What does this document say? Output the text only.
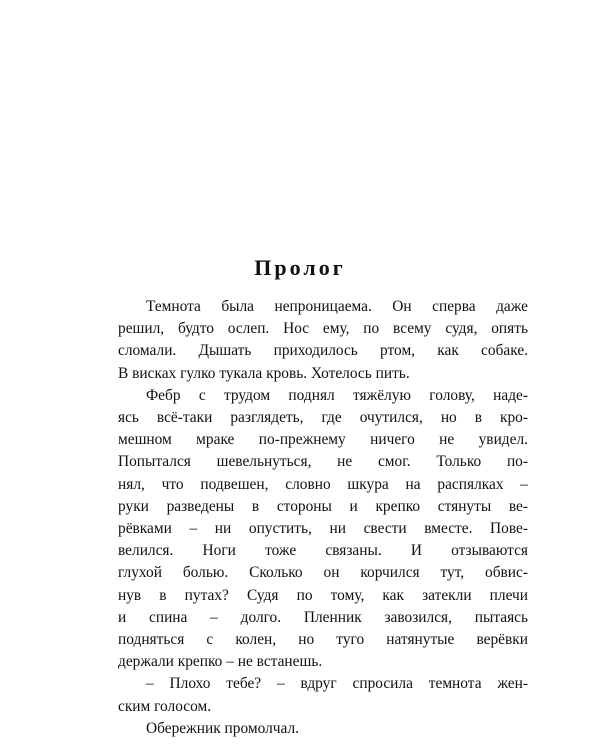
Пролог

Темнота была непроницаема. Он сперва даже
решил, будто ослеп. Нос ему, по всему судя, опять
сломали. Дышать приходилось ртом, как собаке.
В висках гулко тукала кровь. Хотелось пить.

Фебр с трудом поднял тяжёлую голову, наде-
ясь всё-таки разглядеть, где очутился, но в кро-
мешном мраке по-прежнему ничего не увидел.
Попытался шевельнуться, не смог. Только по-
нял, что подвешен, словно шкура на распялках –
руки разведены в стороны и крепко стянуты ве-
рёвками – ни опустить, ни свести вместе. Пове-
велился. Ноги тоже связаны. И отзываются
глухой болью. Сколько он корчился тут, обвис-
нув в путах? Судя по тому, как затекли плечи
и спина – долго. Пленник завозился, пытаясь
подняться с колен, но туго натянутые верёвки
держали крепко – не встанешь.

– Плохо тебе? – вдруг спросила темнота жен-
ским голосом.

Обережник промолчал.
